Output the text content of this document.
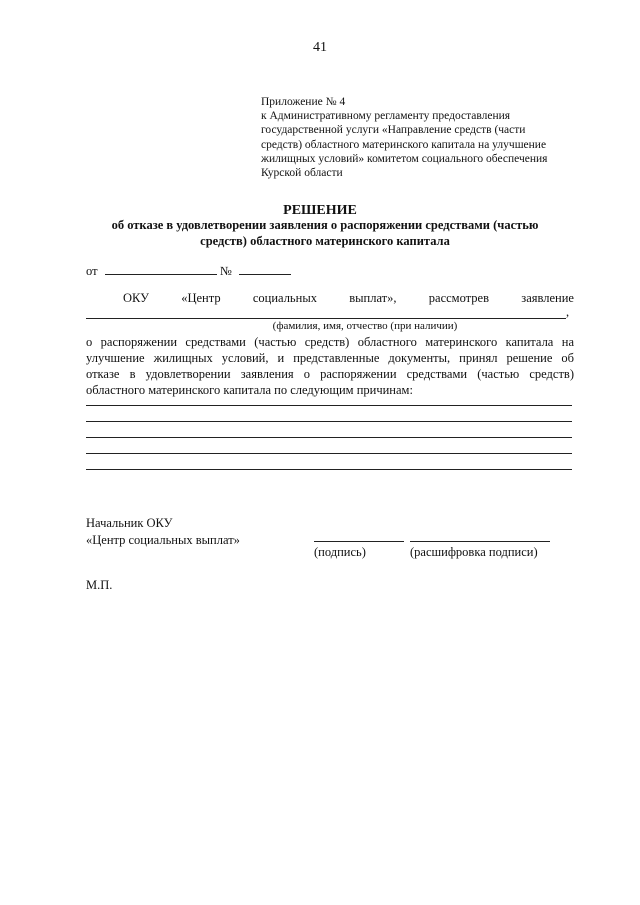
41
Приложение № 4
к Административному регламенту предоставления
государственной услуги «Направление средств (части
средств) областного материнского капитала на улучшение
жилищных условий» комитетом социального обеспечения
Курской области
РЕШЕНИЕ
об отказе в удовлетворении заявления о распоряжении средствами (частью средств) областного материнского капитала
от	№
ОКУ	«Центр	социальных	выплат»,	рассмотрев	заявление
,
(фамилия, имя, отчество (при наличии)
о распоряжении средствами (частью средств) областного материнского капитала на
улучшение жилищных условий, и представленные документы, принял решение об
отказе в удовлетворении заявления о распоряжении средствами (частью средств)
областного материнского капитала по следующим причинам:
Начальник ОКУ
«Центр социальных выплат»
(подпись)	(расшифровка подписи)
М.П.
